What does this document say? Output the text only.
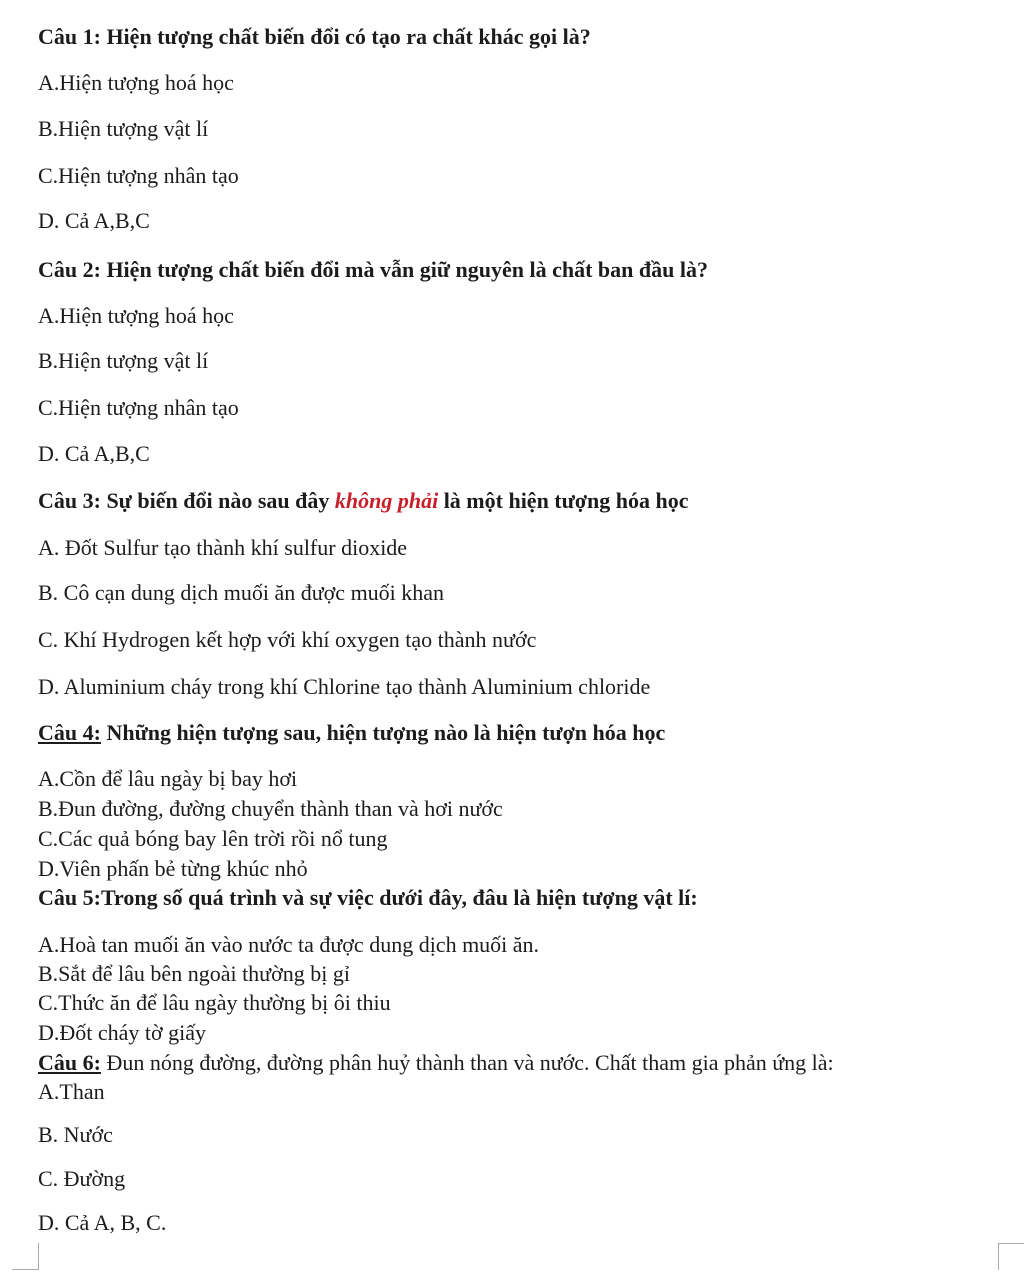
Câu 1: Hiện tượng chất biến đổi có tạo ra chất khác gọi là?
A.Hiện tượng hoá học
B.Hiện tượng vật lí
C.Hiện tượng nhân tạo
D. Cả A,B,C
Câu 2: Hiện tượng chất biến đổi mà vẫn giữ nguyên là chất ban đầu là?
A.Hiện tượng hoá học
B.Hiện tượng vật lí
C.Hiện tượng nhân tạo
D. Cả A,B,C
Câu 3: Sự biến đổi nào sau đây không phải là một hiện tượng hóa học
A. Đốt Sulfur tạo thành khí sulfur dioxide
B. Cô cạn dung dịch muối ăn được muối khan
C. Khí Hydrogen kết hợp với khí oxygen tạo thành nước
D. Aluminium cháy trong khí Chlorine tạo thành Aluminium chloride
Câu 4: Những hiện tượng sau, hiện tượng nào là hiện tượn hóa học
A.Cồn để lâu ngày bị bay hơi
B.Đun đường, đường chuyển thành than và hơi nước
C.Các quả bóng bay lên trời rồi nổ tung
D.Viên phấn bẻ từng khúc nhỏ
Câu 5:Trong số quá trình và sự việc dưới đây, đâu là hiện tượng vật lí:
A.Hoà tan muối ăn vào nước ta được dung dịch muối ăn.
B.Sắt để lâu bên ngoài thường bị gỉ
C.Thức ăn để lâu ngày thường bị ôi thiu
D.Đốt cháy tờ giấy
Câu 6: Đun nóng đường, đường phân huỷ thành than và nước. Chất tham gia phản ứng là:
A.Than
B. Nước
C. Đường
D. Cả A, B, C.
